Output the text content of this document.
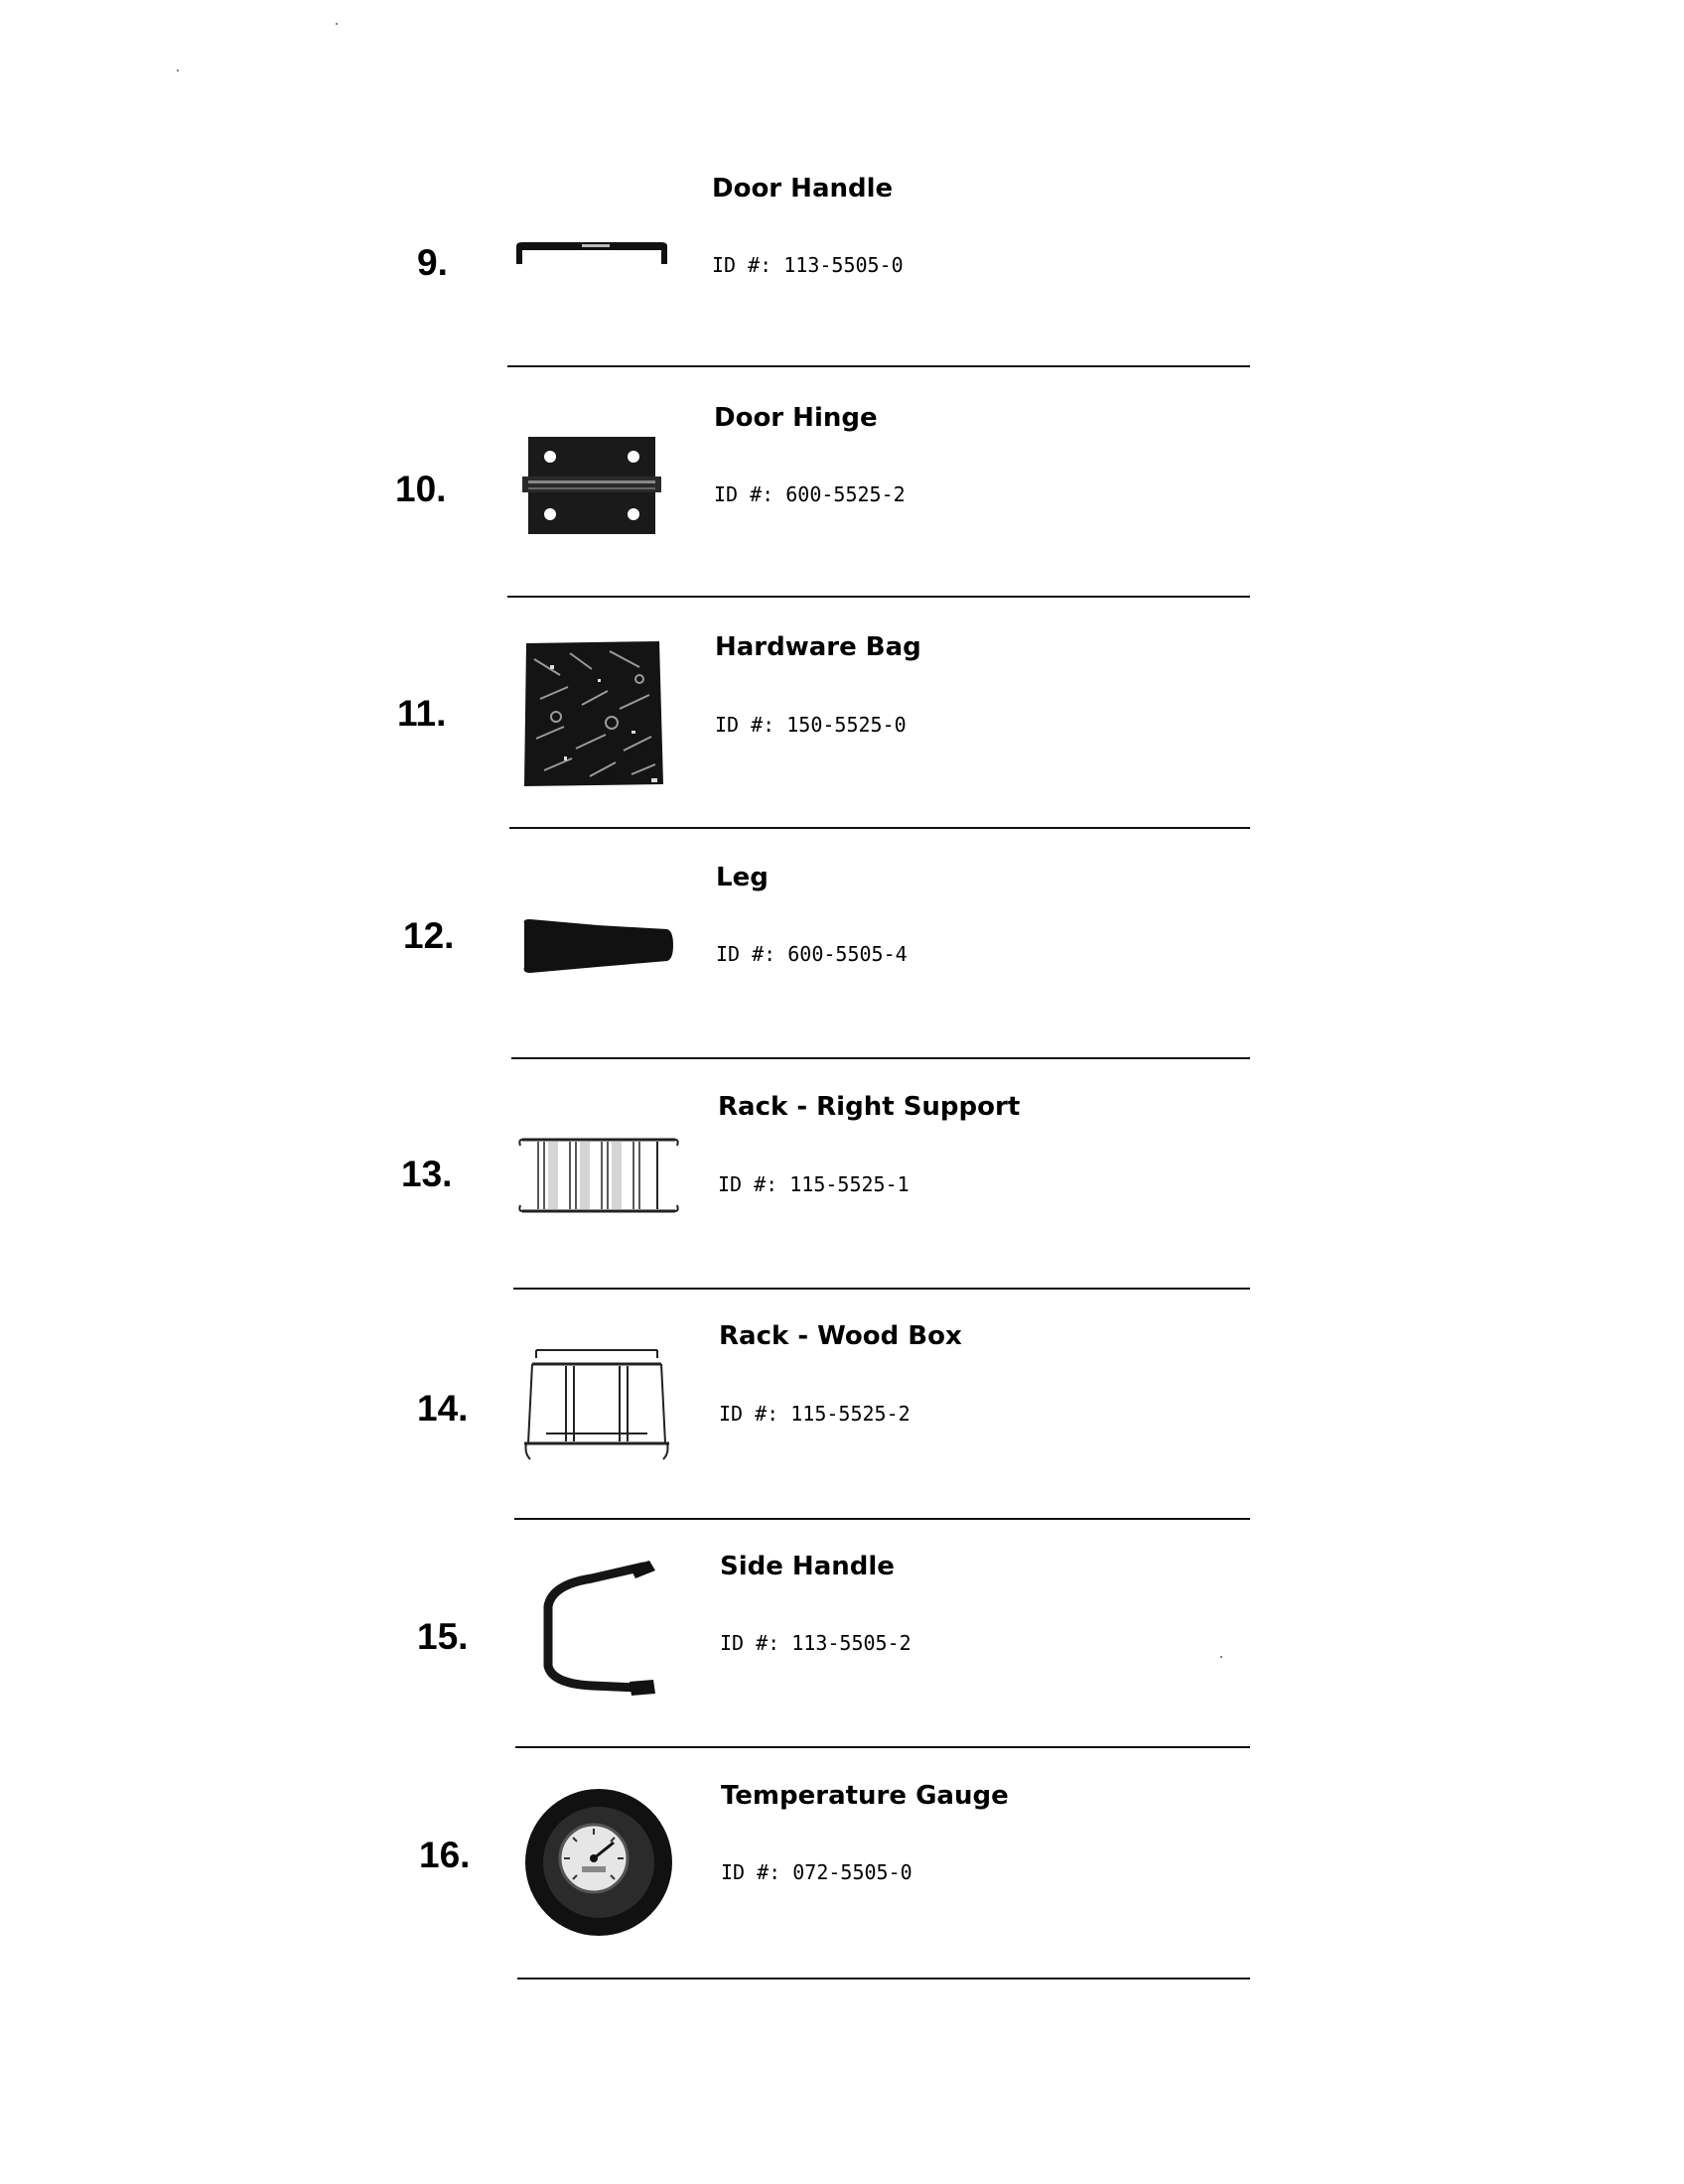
9.
Door Handle
ID #: 113-5505-0
10.
Door Hinge
ID #: 600-5525-2
11.
Hardware Bag
ID #: 150-5525-0
12.
Leg
ID #: 600-5505-4
13.
Rack - Right Support
ID #: 115-5525-1
14.
Rack - Wood Box
ID #: 115-5525-2
15.
Side Handle
ID #: 113-5505-2
16.
Temperature Gauge
ID #: 072-5505-0
